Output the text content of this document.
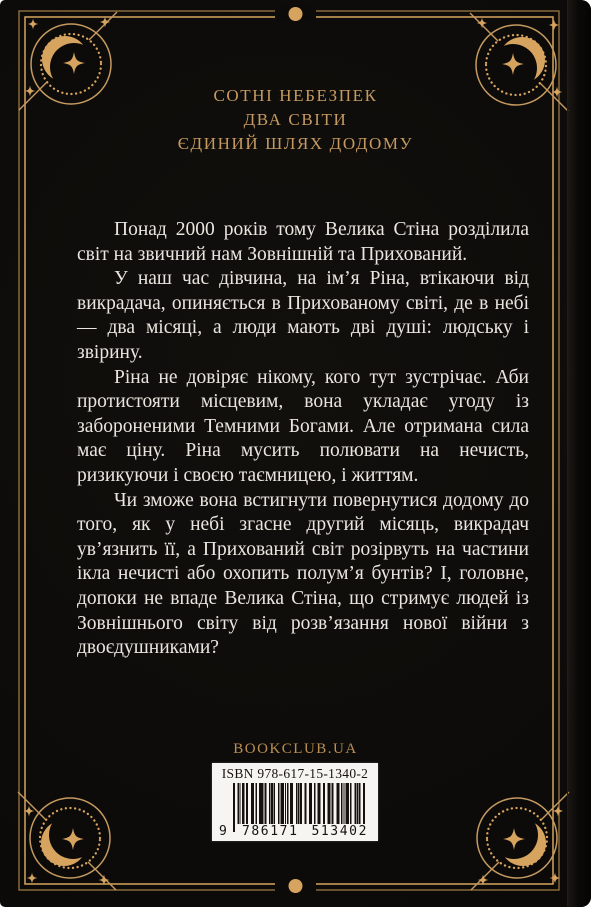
СОТНІ НЕБЕЗПЕК
ДВА СВІТИ
ЄДИНИЙ ШЛЯХ ДОДОМУ

Понад 2000 років тому Велика Стіна розділила світ на звичний нам Зовнішній та Прихований.

У наш час дівчина, на ім’я Ріна, втікаючи від викрадача, опиняється в Прихованому світі, де в небі — два місяці, а люди мають дві душі: людську і звірину.

Ріна не довіряє нікому, кого тут зустрічає. Аби протистояти місцевим, вона укладає угоду із забороненими Темними Богами. Але отримана сила має ціну. Ріна мусить полювати на нечисть, ризикуючи і своєю таємницею, і життям.

Чи зможе вона встигнути повернутися додому до того, як у небі згасне другий місяць, викрадач ув’язнить її, а Прихований світ розірвуть на частини ікла нечисті або охопить полум’я бунтів? І, головне, допоки не впаде Велика Стіна, що стримує людей із Зовнішнього світу від розв’язання нової війни з двоєдушниками?

BOOKCLUB.UA
ISBN 978-617-15-1340-2
9	786171 513402
